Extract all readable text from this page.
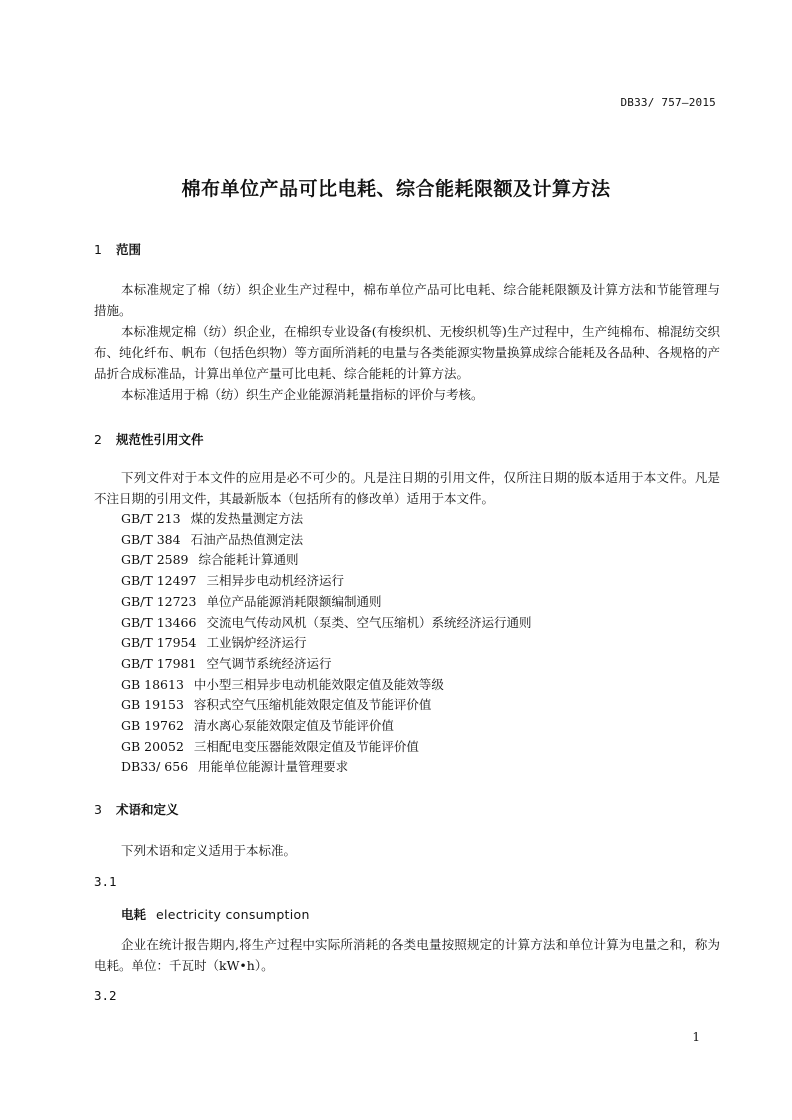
DB33/ 757—2015
棉布单位产品可比电耗、综合能耗限额及计算方法
1 范围

本标准规定了棉（纺）织企业生产过程中，棉布单位产品可比电耗、综合能耗限额及计算方法和节能管理与措施。

本标准规定棉（纺）织企业，在棉织专业设备(有梭织机、无梭织机等)生产过程中，生产纯棉布、棉混纺交织布、纯化纤布、帆布（包括色织物）等方面所消耗的电量与各类能源实物量换算成综合能耗及各品种、各规格的产品折合成标准品，计算出单位产量可比电耗、综合能耗的计算方法。

本标准适用于棉（纺）织生产企业能源消耗量指标的评价与考核。

2 规范性引用文件

下列文件对于本文件的应用是必不可少的。凡是注日期的引用文件，仅所注日期的版本适用于本文件。凡是不注日期的引用文件，其最新版本（包括所有的修改单）适用于本文件。

GB/T 213 煤的发热量测定方法
GB/T 384 石油产品热值测定法
GB/T 2589 综合能耗计算通则
GB/T 12497 三相异步电动机经济运行
GB/T 12723 单位产品能源消耗限额编制通则
GB/T 13466 交流电气传动风机（泵类、空气压缩机）系统经济运行通则
GB/T 17954 工业锅炉经济运行
GB/T 17981 空气调节系统经济运行
GB 18613 中小型三相异步电动机能效限定值及能效等级
GB 19153 容积式空气压缩机能效限定值及节能评价值
GB 19762 清水离心泵能效限定值及节能评价值
GB 20052 三相配电变压器能效限定值及节能评价值
DB33/ 656 用能单位能源计量管理要求
3 术语和定义

下列术语和定义适用于本标准。

3.1
电耗 electricity consumption

企业在统计报告期内,将生产过程中实际所消耗的各类电量按照规定的计算方法和单位计算为电量之和，称为电耗。单位：千瓦时（kW•h）。

3.2
1
